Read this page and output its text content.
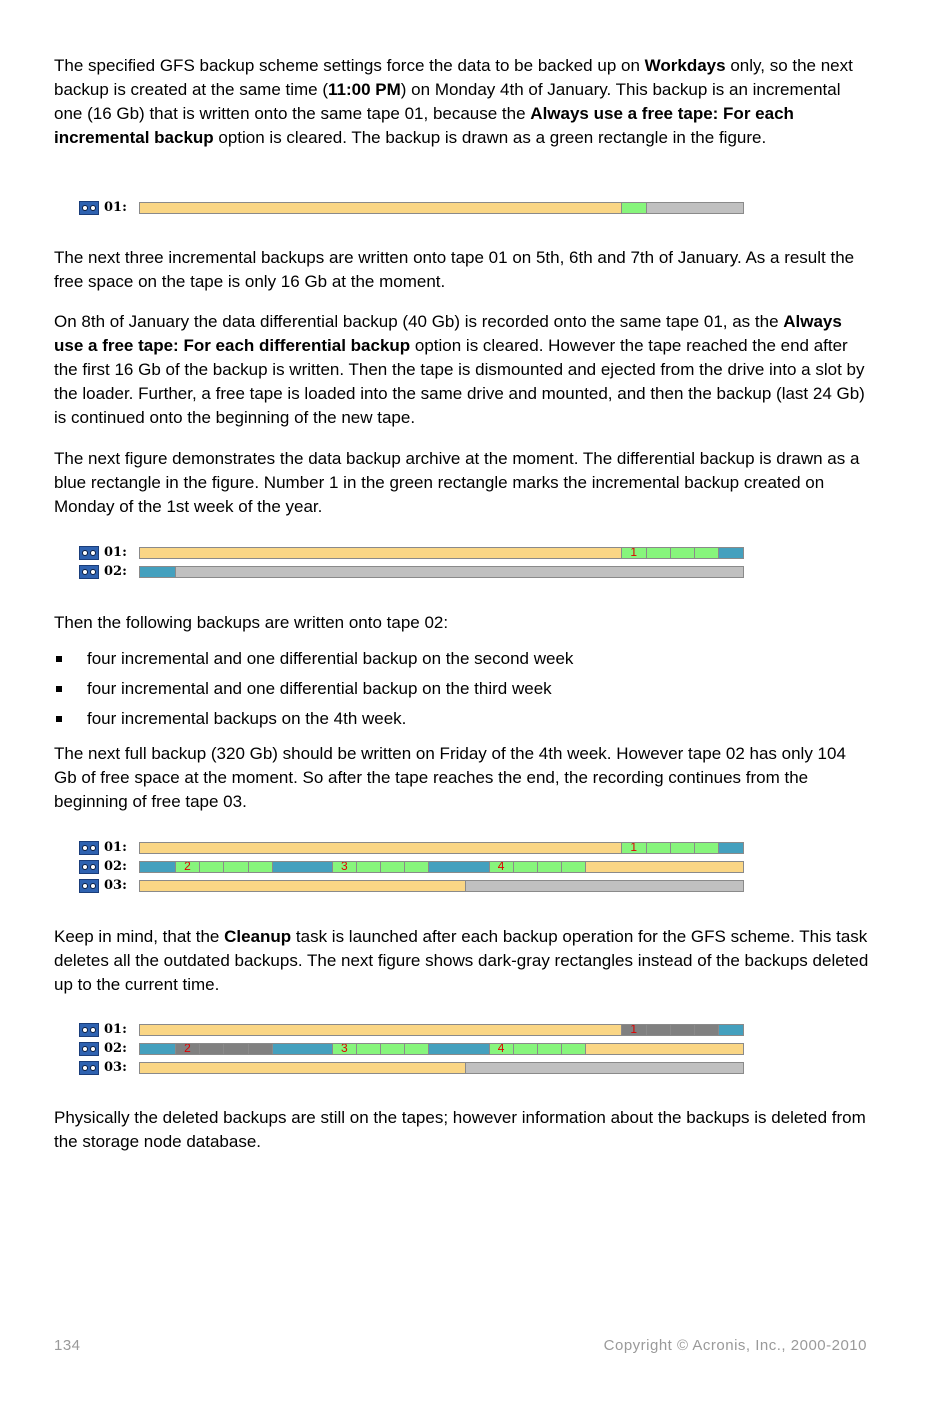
The specified GFS backup scheme settings force the data to be backed up on Workdays only, so the next backup is created at the same time (11:00 PM) on Monday 4th of January. This backup is an incremental one (16 Gb) that is written onto the same tape 01, because the Always use a free tape: For each incremental backup option is cleared. The backup is drawn as a green rectangle in the figure.

01:

The next three incremental backups are written onto tape 01 on 5th, 6th and 7th of January. As a result the free space on the tape is only 16 Gb at the moment.

On 8th of January the data differential backup (40 Gb) is recorded onto the same tape 01, as the Always use a free tape: For each differential backup option is cleared. However the tape reached the end after the first 16 Gb of the backup is written. Then the tape is dismounted and ejected from the drive into a slot by the loader. Further, a free tape is loaded into the same drive and mounted, and then the backup (last 24 Gb) is continued onto the beginning of the new tape.

The next figure demonstrates the data backup archive at the moment. The differential backup is drawn as a blue rectangle in the figure. Number 1 in the green rectangle marks the incremental backup created on Monday of the 1st week of the year.

01:	1
02:

Then the following backups are written onto tape 02:

four incremental and one differential backup on the second week
four incremental and one differential backup on the third week
four incremental backups on the 4th week.

The next full backup (320 Gb) should be written on Friday of the 4th week. However tape 02 has only 104 Gb of free space at the moment. So after the tape reaches the end, the recording continues from the beginning of free tape 03.

01:	1
02:	2	3	4
03:

Keep in mind, that the Cleanup task is launched after each backup operation for the GFS scheme. This task deletes all the outdated backups. The next figure shows dark-gray rectangles instead of the backups deleted up to the current time.

01:	1
02:	2	3	4
03:

Physically the deleted backups are still on the tapes; however information about the backups is deleted from the storage node database.

134	Copyright © Acronis, Inc., 2000-2010
